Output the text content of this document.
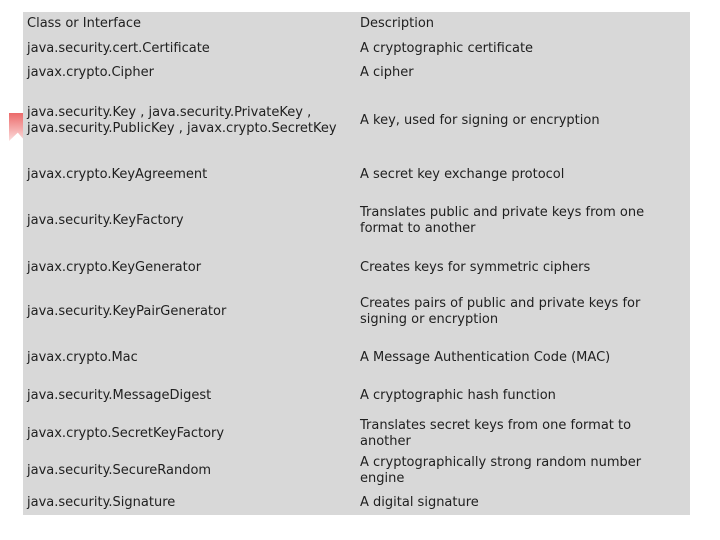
Class or Interface	Description
java.security.cert.Certificate	A cryptographic certificate
javax.crypto.Cipher	A cipher
java.security.Key , java.security.PrivateKey , java.security.PublicKey , javax.crypto.SecretKey	A key, used for signing or encryption
javax.crypto.KeyAgreement	A secret key exchange protocol
java.security.KeyFactory	Translates public and private keys from one format to another
javax.crypto.KeyGenerator	Creates keys for symmetric ciphers
java.security.KeyPairGenerator	Creates pairs of public and private keys for signing or encryption
javax.crypto.Mac	A Message Authentication Code (MAC)
java.security.MessageDigest	A cryptographic hash function
javax.crypto.SecretKeyFactory	Translates secret keys from one format to another
java.security.SecureRandom	A cryptographically strong random number engine
java.security.Signature	A digital signature
